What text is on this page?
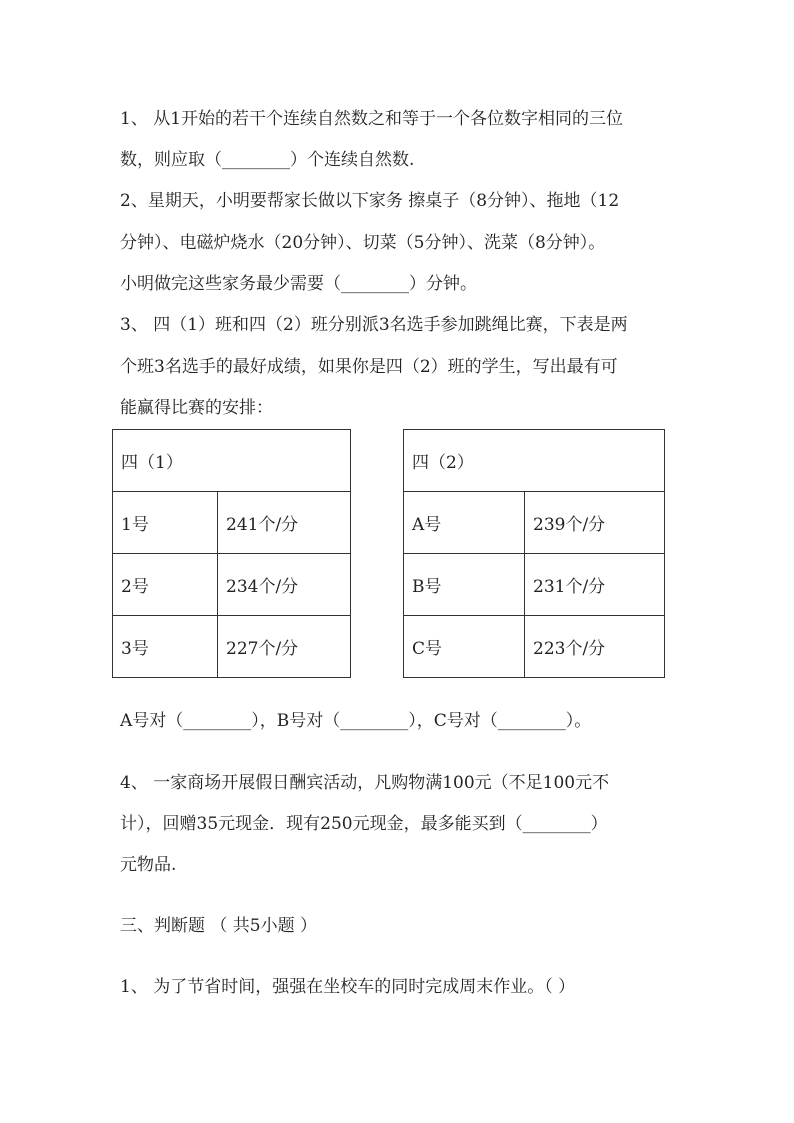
1、 从1开始的若干个连续自然数之和等于一个各位数字相同的三位

数，则应取（________）个连续自然数.

2、星期天，小明要帮家长做以下家务 擦桌子（8分钟）、拖地（12

分钟）、电磁炉烧水（20分钟）、切菜（5分钟）、洗菜（8分钟）。

小明做完这些家务最少需要（________）分钟。

3、 四（1）班和四（2）班分别派3名选手参加跳绳比赛，下表是两

个班3名选手的最好成绩，如果你是四（2）班的学生，写出最有可

能赢得比赛的安排：

四（1）	
1号	241个/分
2号	234个/分
3号	227个/分
四（2）	
A号	239个/分
B号	231个/分
C号	223个/分

A号对（________），B号对（________），C号对（________）。

4、 一家商场开展假日酬宾活动，凡购物满100元（不足100元不

计），回赠35元现金．现有250元现金，最多能买到（________）

元物品.

三、判断题 （ 共5小题 ）

1、 为了节省时间，强强在坐校车的同时完成周末作业。（ ）
